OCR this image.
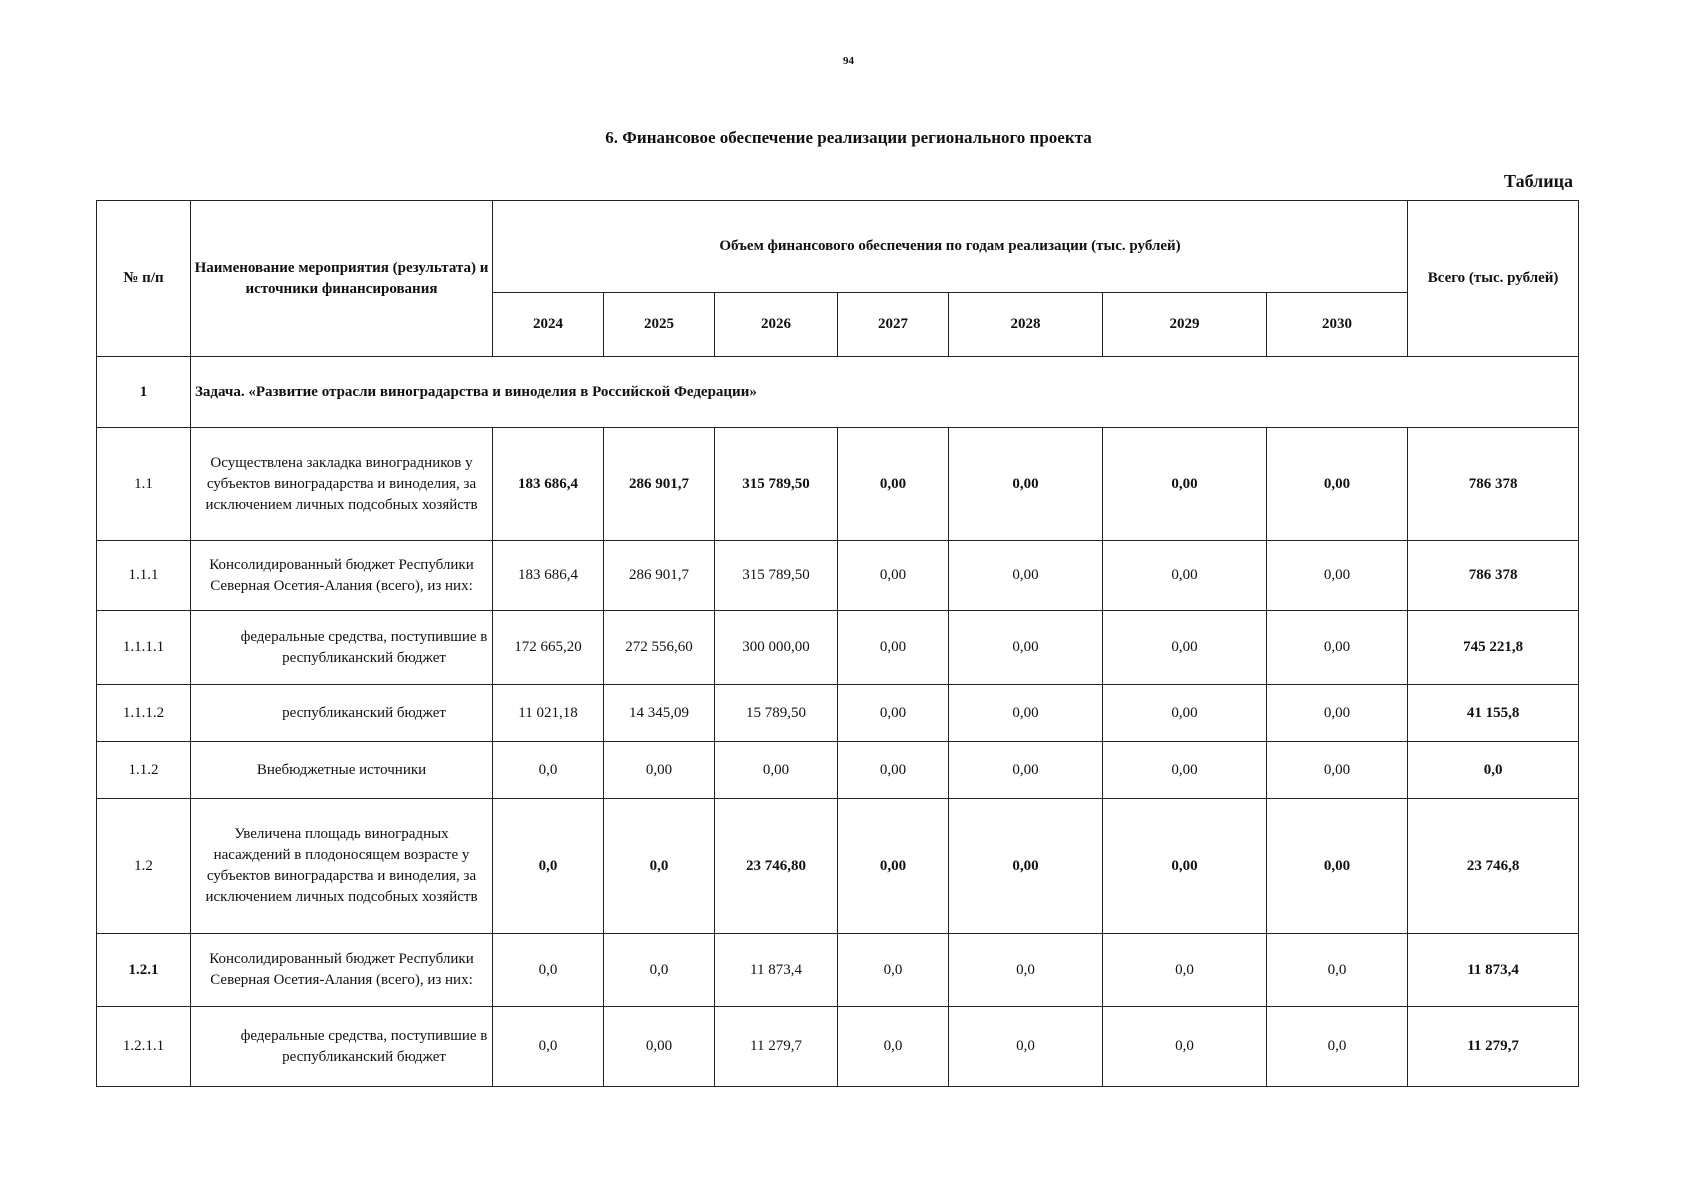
94
6. Финансовое обеспечение реализации регионального проекта
Таблица
№ п/п	Наименование мероприятия (результата) и источники финансирования	Объем финансового обеспечения по годам реализации (тыс. рублей)							Всего (тыс. рублей)
		2024	2025	2026	2027	2028	2029	2030	
1	Задача. «Развитие отрасли виноградарства и виноделия в Российской Федерации»								
1.1	Осуществлена закладка виноградников у субъектов виноградарства и виноделия, за исключением личных подсобных хозяйств	183 686,4	286 901,7	315 789,50	0,00	0,00	0,00	0,00	786 378
1.1.1	Консолидированный бюджет Республики Северная Осетия-Алания (всего), из них:	183 686,4	286 901,7	315 789,50	0,00	0,00	0,00	0,00	786 378
1.1.1.1	федеральные средства, поступившие в республиканский бюджет	172 665,20	272 556,60	300 000,00	0,00	0,00	0,00	0,00	745 221,8
1.1.1.2	республиканский бюджет	11 021,18	14 345,09	15 789,50	0,00	0,00	0,00	0,00	41 155,8
1.1.2	Внебюджетные источники	0,0	0,00	0,00	0,00	0,00	0,00	0,00	0,0
1.2	Увеличена площадь виноградных насаждений в плодоносящем возрасте у субъектов виноградарства и виноделия, за исключением личных подсобных хозяйств	0,0	0,0	23 746,80	0,00	0,00	0,00	0,00	23 746,8
1.2.1	Консолидированный бюджет Республики Северная Осетия-Алания (всего), из них:	0,0	0,0	11 873,4	0,0	0,0	0,0	0,0	11 873,4
1.2.1.1	федеральные средства, поступившие в республиканский бюджет	0,0	0,00	11 279,7	0,0	0,0	0,0	0,0	11 279,7
